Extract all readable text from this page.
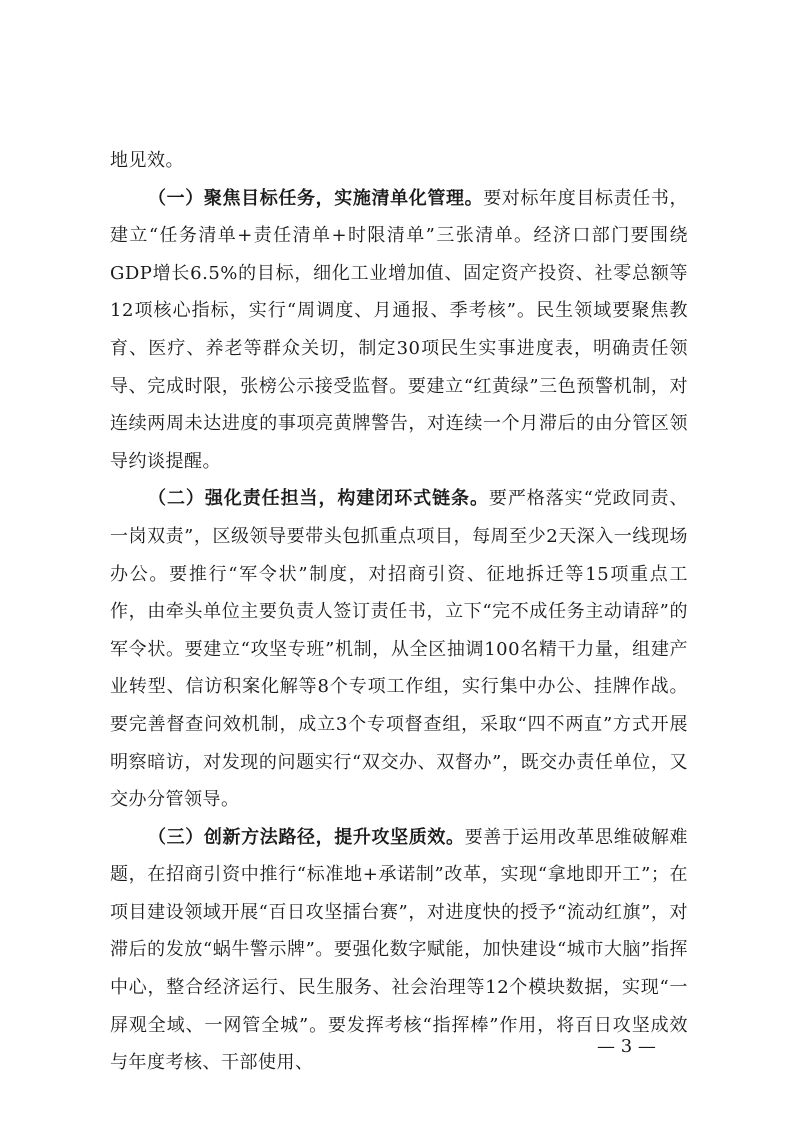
地见效。

（一）聚焦目标任务，实施清单化管理。要对标年度目标责任书，建立“任务清单+责任清单+时限清单”三张清单。经济口部门要围绕GDP增长6.5%的目标，细化工业增加值、固定资产投资、社零总额等12项核心指标，实行“周调度、月通报、季考核”。民生领域要聚焦教育、医疗、养老等群众关切，制定30项民生实事进度表，明确责任领导、完成时限，张榜公示接受监督。要建立“红黄绿”三色预警机制，对连续两周未达进度的事项亮黄牌警告，对连续一个月滞后的由分管区领导约谈提醒。

（二）强化责任担当，构建闭环式链条。要严格落实“党政同责、一岗双责”，区级领导要带头包抓重点项目，每周至少2天深入一线现场办公。要推行“军令状”制度，对招商引资、征地拆迁等15项重点工作，由牵头单位主要负责人签订责任书，立下“完不成任务主动请辞”的军令状。要建立“攻坚专班”机制，从全区抽调100名精干力量，组建产业转型、信访积案化解等8个专项工作组，实行集中办公、挂牌作战。要完善督查问效机制，成立3个专项督查组，采取“四不两直”方式开展明察暗访，对发现的问题实行“双交办、双督办”，既交办责任单位，又交办分管领导。

（三）创新方法路径，提升攻坚质效。要善于运用改革思维破解难题，在招商引资中推行“标准地+承诺制”改革，实现“拿地即开工”；在项目建设领域开展“百日攻坚擂台赛”，对进度快的授予“流动红旗”，对滞后的发放“蜗牛警示牌”。要强化数字赋能，加快建设“城市大脑”指挥中心，整合经济运行、民生服务、社会治理等12个模块数据，实现“一屏观全域、一网管全城”。要发挥考核“指挥棒”作用，将百日攻坚成效与年度考核、干部使用、

— 3 —
